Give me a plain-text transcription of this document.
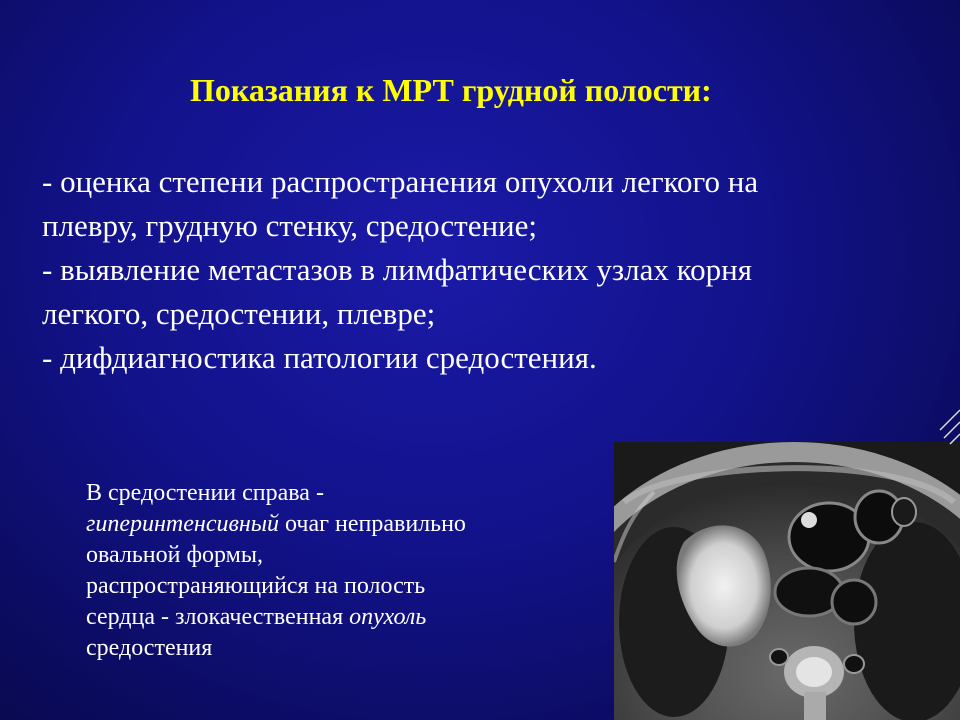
Показания к МРТ грудной полости:
- оценка степени распространения опухоли легкого на
плевру, грудную стенку, средостение;
- выявление метастазов в лимфатических узлах корня
легкого, средостении, плевре;
- дифдиагностика патологии средостения.
В средостении справа -
гиперинтенсивный очаг неправильно
овальной формы,
распространяющийся на полость
сердца - злокачественная опухоль
средостения
